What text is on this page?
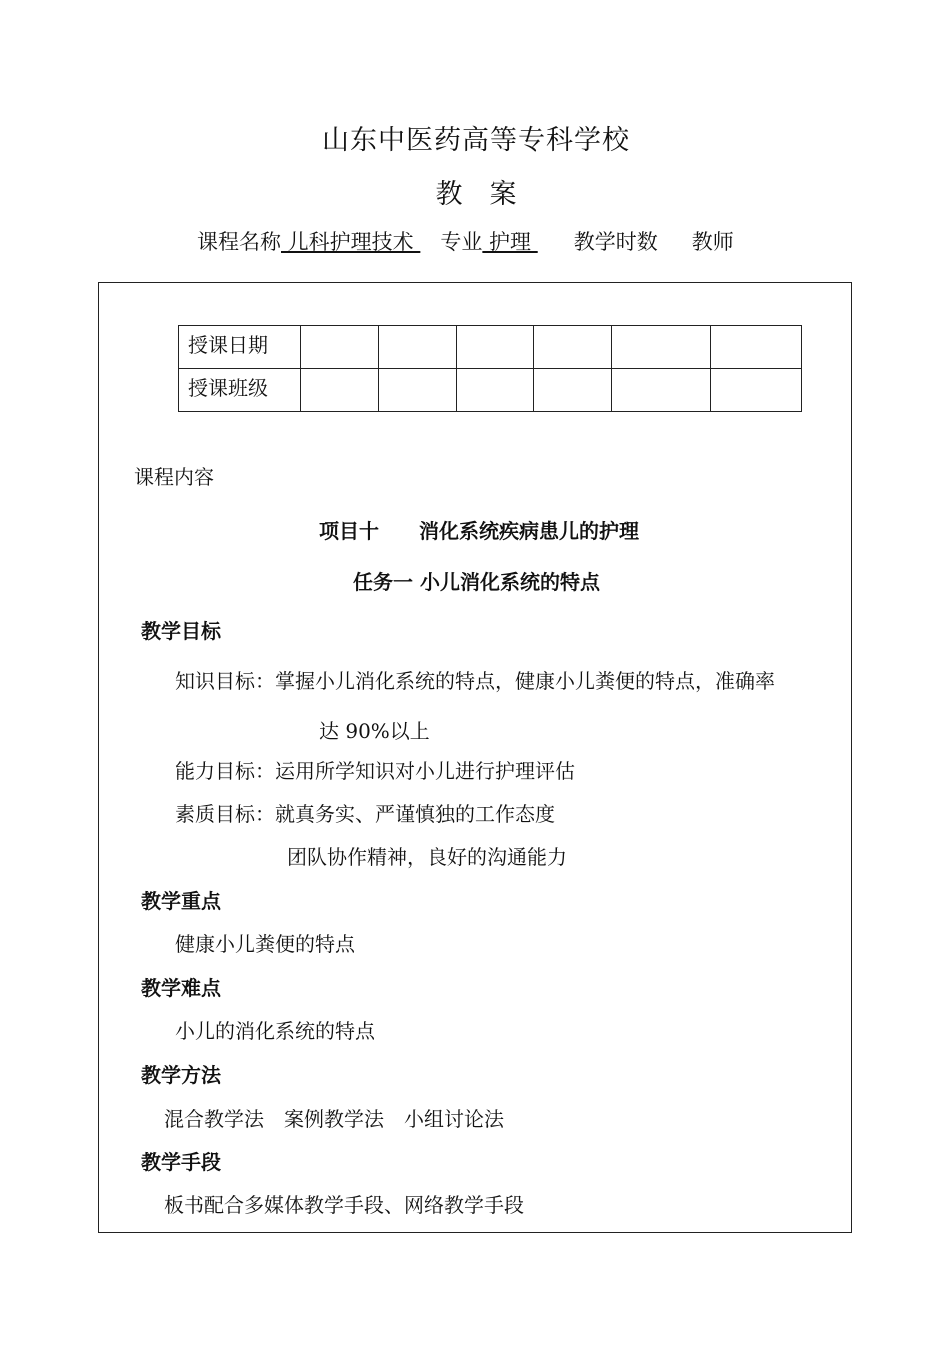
山东中医药高等专科学校
教　案
课程名称 儿科护理技术 专业 护理 教学时数 教师
授课日期						
授课班级						
课程内容
项目十　　消化系统疾病患儿的护理
任务一 小儿消化系统的特点
教学目标
知识目标：掌握小儿消化系统的特点，健康小儿粪便的特点，准确率
达 90%以上
能力目标：运用所学知识对小儿进行护理评估
素质目标：就真务实、严谨慎独的工作态度
团队协作精神，良好的沟通能力
教学重点
健康小儿粪便的特点
教学难点
小儿的消化系统的特点
教学方法
混合教学法　案例教学法　小组讨论法
教学手段
板书配合多媒体教学手段、网络教学手段
